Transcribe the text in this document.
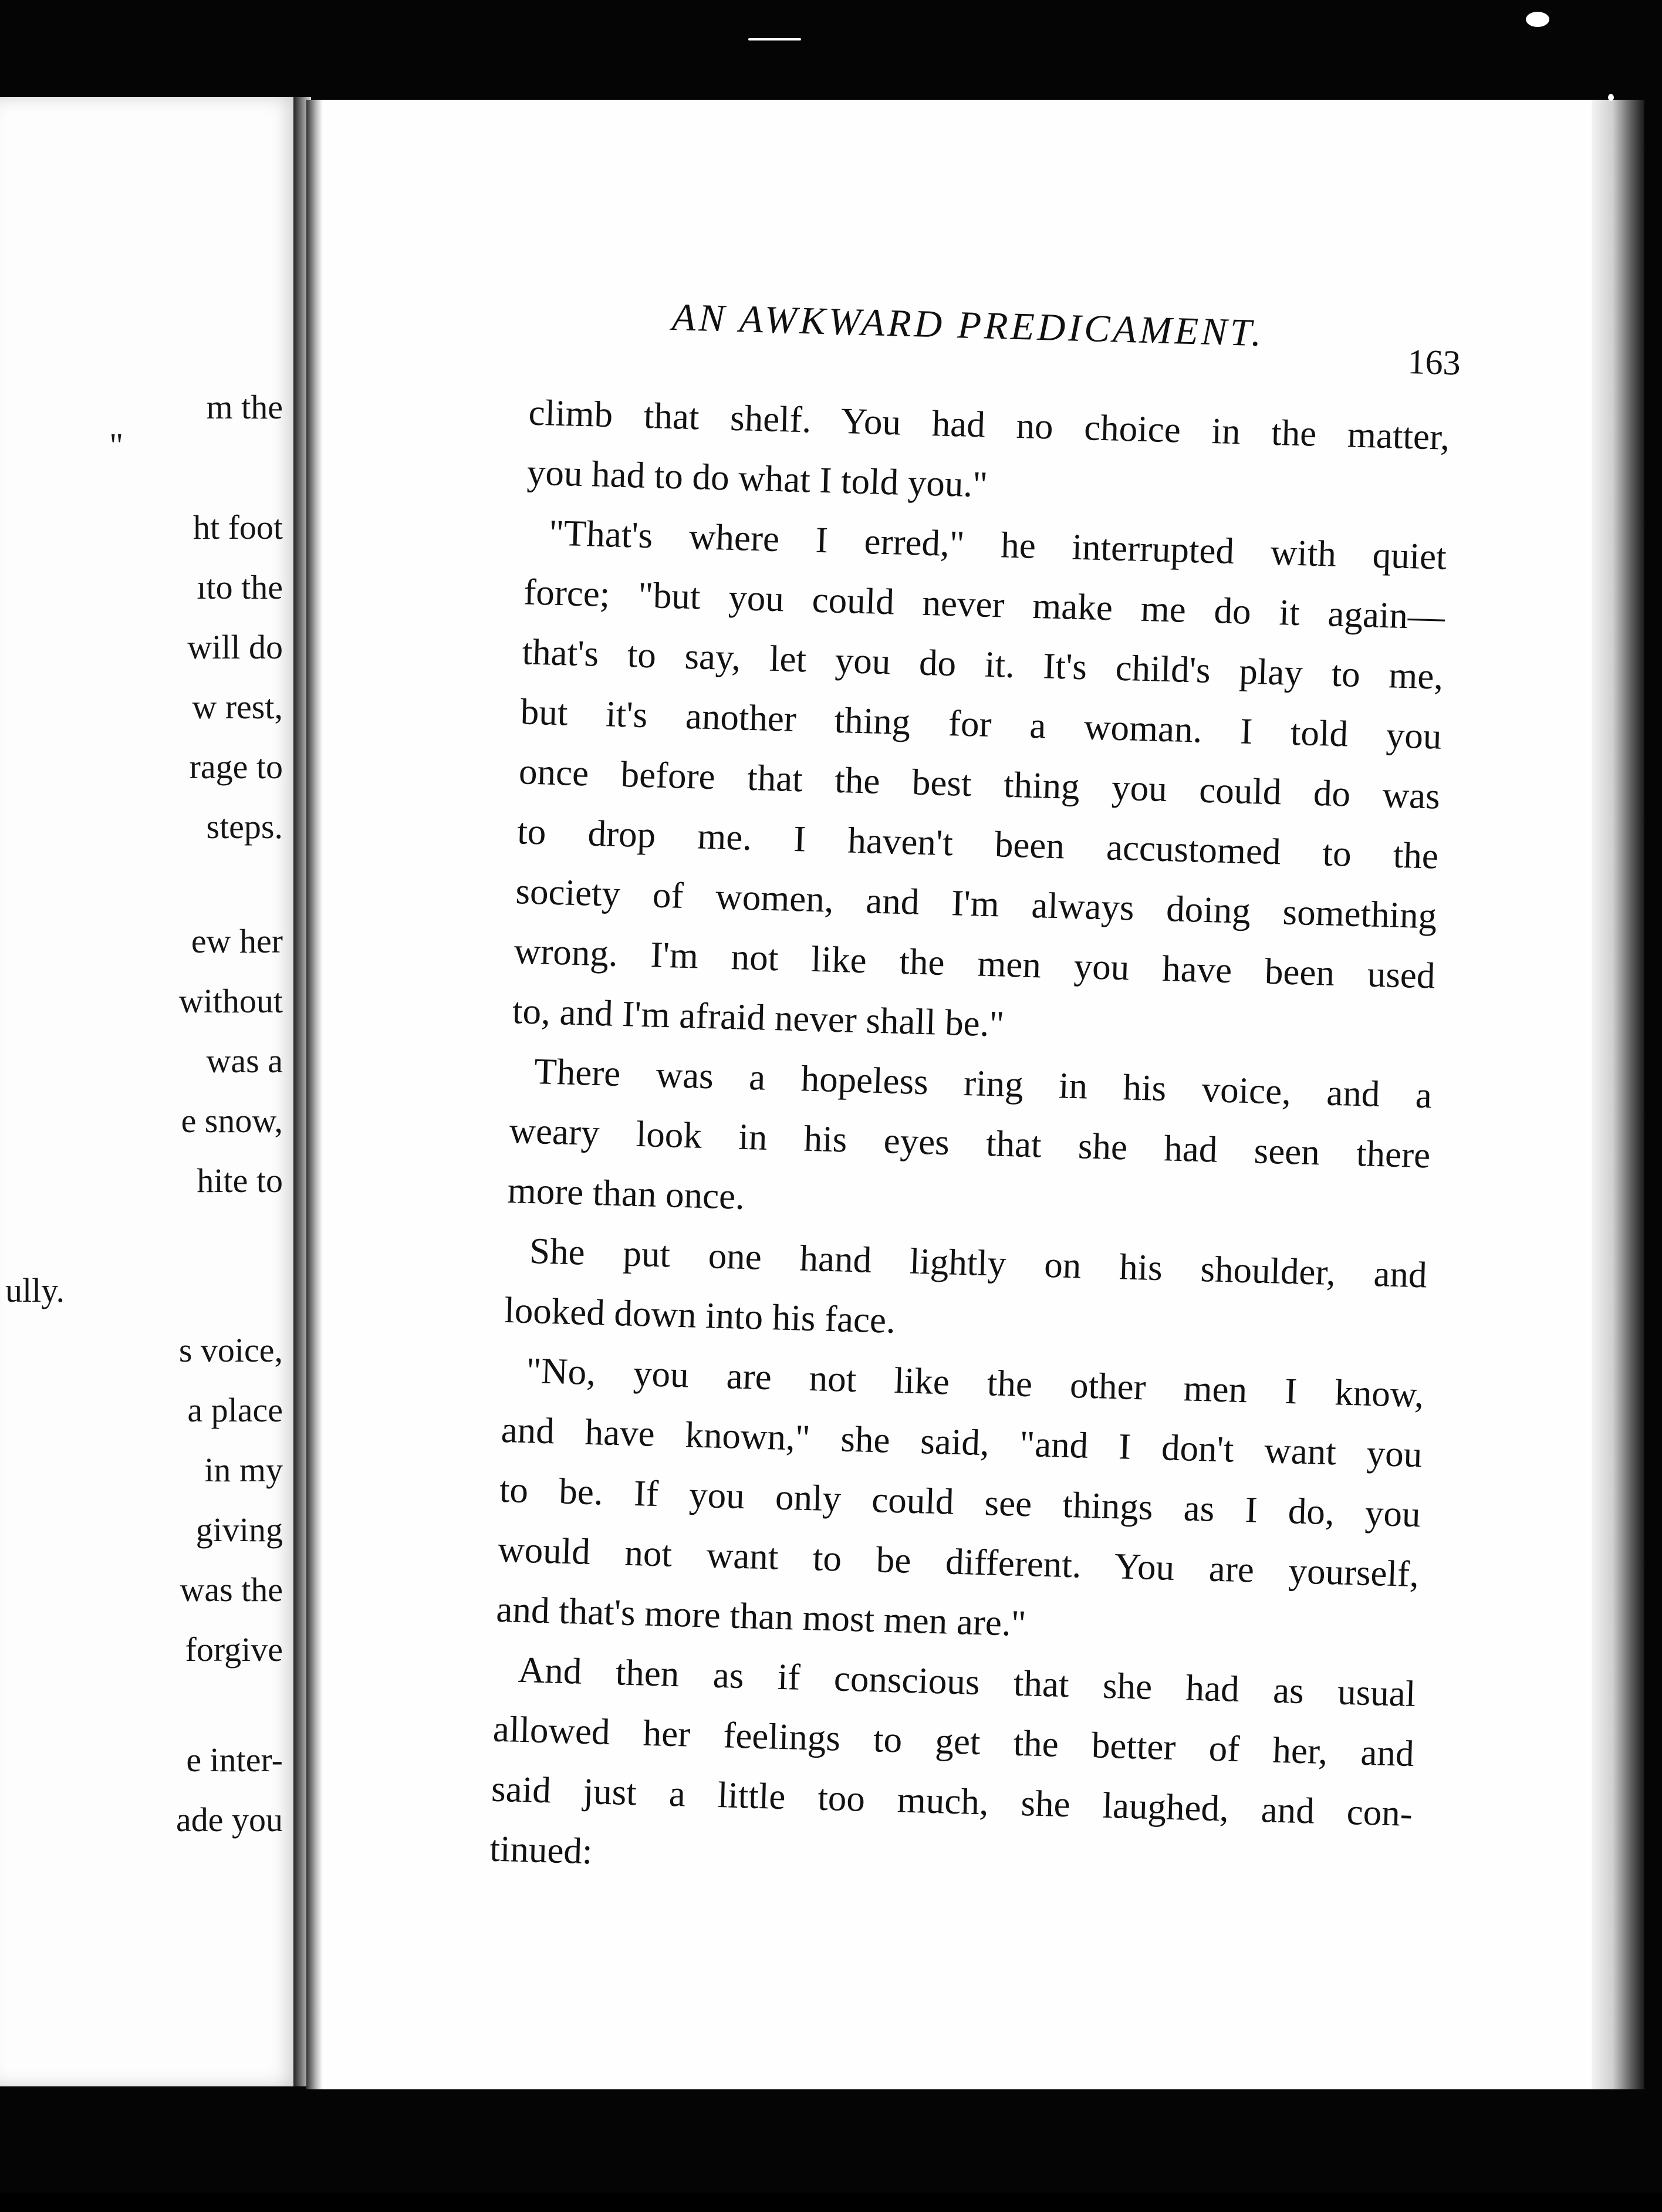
m the
"
ht foot
ıto the
will do
w rest,
rage to
steps.
ew her
without
was a
e snow,
hite to
ully.
s voice,
a place
in my
giving
was the
forgive
e inter-
ade you
AN AWKWARD PREDICAMENT.
163
climb that shelf. You had no choice in the matter,
you had to do what I told you."
"That's where I erred," he interrupted with quiet
force; "but you could never make me do it again—
that's to say, let you do it. It's child's play to me,
but it's another thing for a woman. I told you
once before that the best thing you could do was
to drop me. I haven't been accustomed to the
society of women, and I'm always doing something
wrong. I'm not like the men you have been used
to, and I'm afraid never shall be."
There was a hopeless ring in his voice, and a
weary look in his eyes that she had seen there
more than once.
She put one hand lightly on his shoulder, and
looked down into his face.
"No, you are not like the other men I know,
and have known," she said, "and I don't want you
to be. If you only could see things as I do, you
would not want to be different. You are yourself,
and that's more than most men are."
And then as if conscious that she had as usual
allowed her feelings to get the better of her, and
said just a little too much, she laughed, and con-
tinued:
